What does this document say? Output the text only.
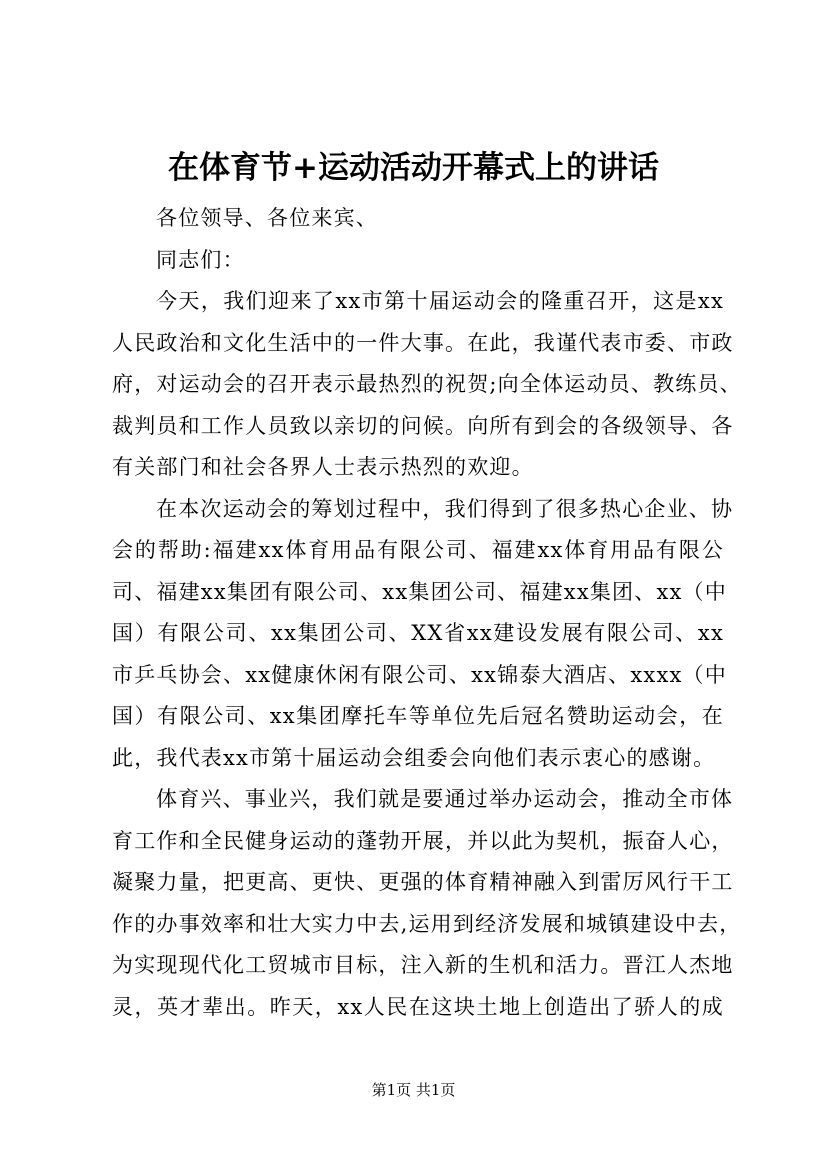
在体育节+运动活动开幕式上的讲话
各位领导、各位来宾、
同志们：
今天，我们迎来了xx市第十届运动会的隆重召开，这是xx
人民政治和文化生活中的一件大事。在此，我谨代表市委、市政
府，对运动会的召开表示最热烈的祝贺;向全体运动员、教练员、
裁判员和工作人员致以亲切的问候。向所有到会的各级领导、各
有关部门和社会各界人士表示热烈的欢迎。
在本次运动会的筹划过程中，我们得到了很多热心企业、协
会的帮助:福建xx体育用品有限公司、福建xx体育用品有限公
司、福建xx集团有限公司、xx集团公司、福建xx集团、xx（中
国）有限公司、xx集团公司、XX省xx建设发展有限公司、xx
市乒乓协会、xx健康休闲有限公司、xx锦泰大酒店、xxxx（中
国）有限公司、xx集团摩托车等单位先后冠名赞助运动会，在
此，我代表xx市第十届运动会组委会向他们表示衷心的感谢。
体育兴、事业兴，我们就是要通过举办运动会，推动全市体
育工作和全民健身运动的蓬勃开展，并以此为契机，振奋人心，
凝聚力量，把更高、更快、更强的体育精神融入到雷厉风行干工
作的办事效率和壮大实力中去,运用到经济发展和城镇建设中去，
为实现现代化工贸城市目标，注入新的生机和活力。晋江人杰地
灵，英才辈出。昨天，xx人民在这块土地上创造出了骄人的成
第1页 共1页
